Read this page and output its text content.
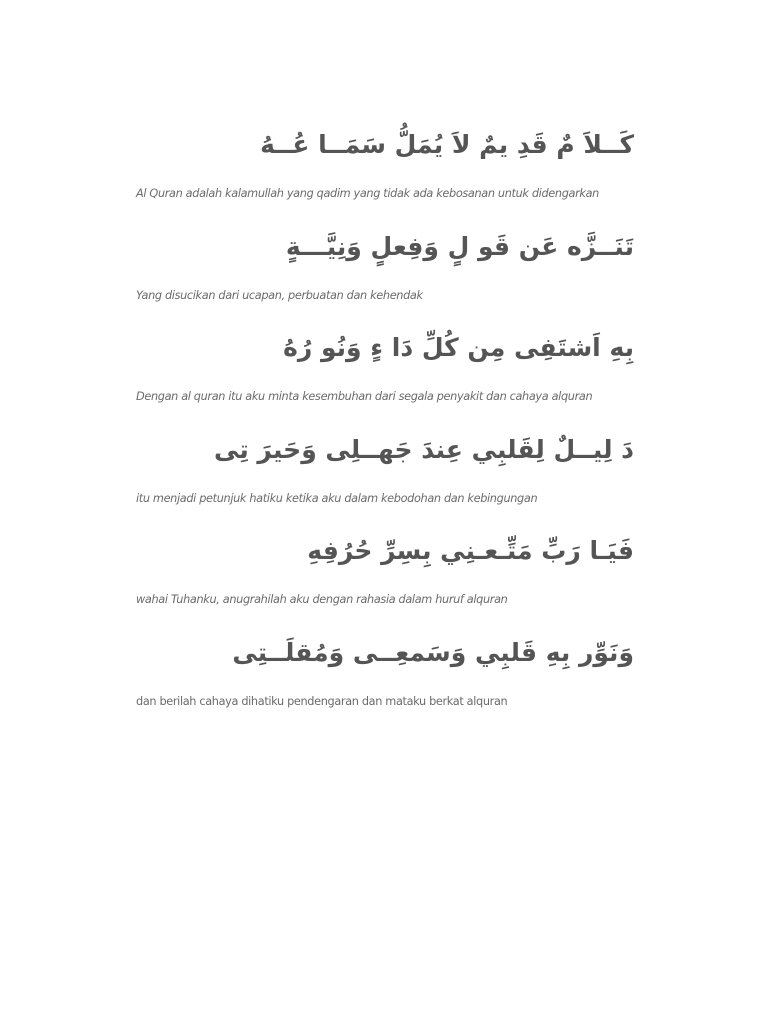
كَــلاَ مٌ قَدِ يمٌ لاَ يُمَلُّ سَمَــا عُــهُ

Al Quran adalah kalamullah yang qadim yang tidak ada kebosanan untuk didengarkan

تَنَــزَّه عَن قَو لٍ وَفِعلٍ وَنِيَّـــةٍ

Yang disucikan dari ucapan, perbuatan dan kehendak

بِهِ اَشتَفِى مِن كُلِّ دَا ءٍ وَنُو رُهُ

Dengan al quran itu aku minta kesembuhan dari segala penyakit dan cahaya alquran

دَ لِيــلٌ لِقَلبِي عِندَ جَهــلِى وَحَيرَ تِى

itu menjadi petunjuk hatiku ketika aku dalam kebodohan dan kebingungan

فَيَـا رَبِّ مَتِّـعـنِي بِسِرِّ حُرُفِهِ

wahai Tuhanku, anugrahilah aku dengan rahasia dalam huruf alquran

وَنَوِّر بِهِ قَلبِي وَسَمعِــى وَمُقلَــتِى

dan berilah cahaya dihatiku pendengaran dan mataku berkat alquran
